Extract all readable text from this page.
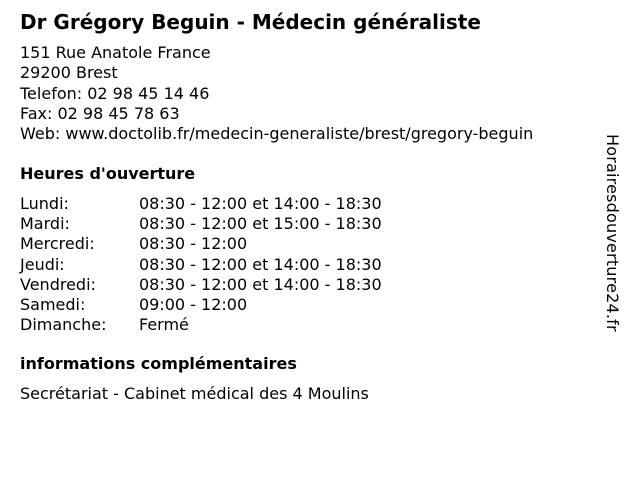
Dr Grégory Beguin - Médecin généraliste
151 Rue Anatole France
29200 Brest
Telefon: 02 98 45 14 46
Fax: 02 98 45 78 63
Web: www.doctolib.fr/medecin-generaliste/brest/gregory-beguin
Heures d'ouverture
Lundi:	08:30 - 12:00 et 14:00 - 18:30
Mardi:	08:30 - 12:00 et 15:00 - 18:30
Mercredi:	08:30 - 12:00
Jeudi:	08:30 - 12:00 et 14:00 - 18:30
Vendredi:	08:30 - 12:00 et 14:00 - 18:30
Samedi:	09:00 - 12:00
Dimanche: Fermé
informations complémentaires
Secrétariat - Cabinet médical des 4 Moulins
Horairesdouverture24.fr
